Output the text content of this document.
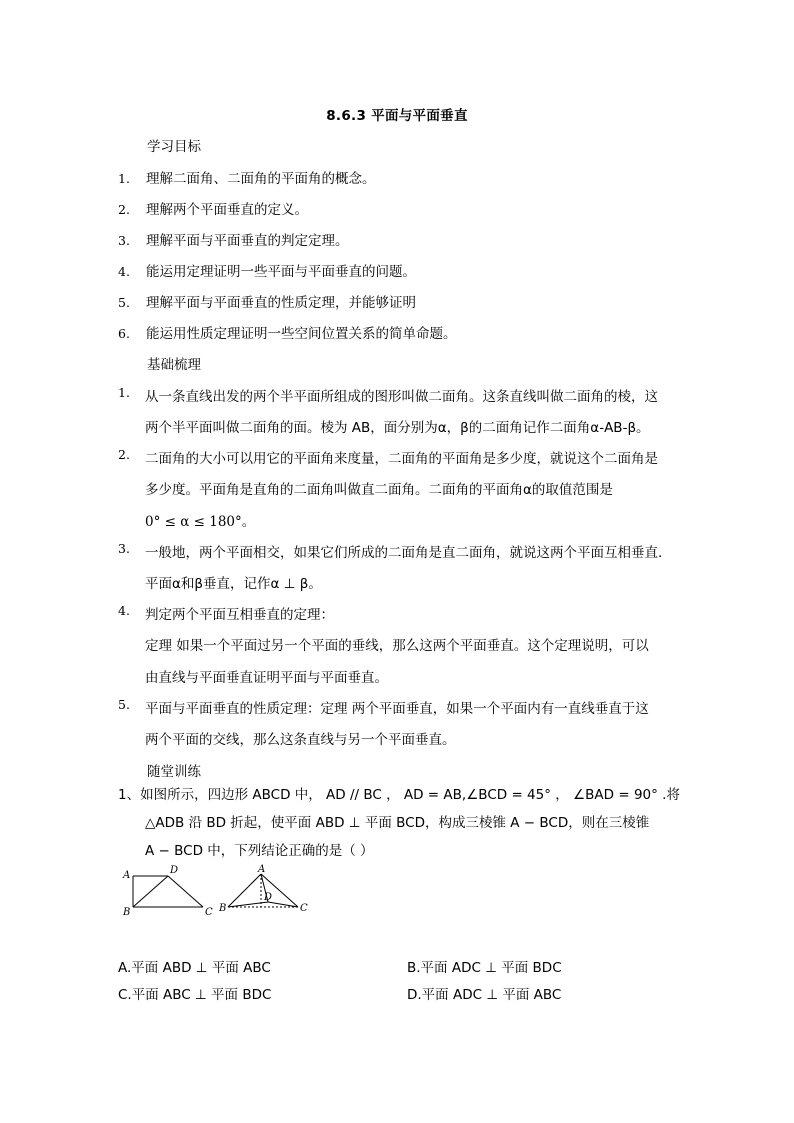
8.6.3 平面与平面垂直
学习目标
1. 理解二面角、二面角的平面角的概念。
2. 理解两个平面垂直的定义。
3. 理解平面与平面垂直的判定定理。
4. 能运用定理证明一些平面与平面垂直的问题。
5. 理解平面与平面垂直的性质定理，并能够证明
6. 能运用性质定理证明一些空间位置关系的简单命题。
基础梳理
1. 从一条直线出发的两个半平面所组成的图形叫做二面角。这条直线叫做二面角的棱，这
两个半平面叫做二面角的面。棱为 AB，面分别为α，β的二面角记作二面角α-AB-β。
2. 二面角的大小可以用它的平面角来度量，二面角的平面角是多少度，就说这个二面角是
多少度。平面角是直角的二面角叫做直二面角。二面角的平面角α的取值范围是
0° ≤ α ≤ 180°。
3. 一般地，两个平面相交，如果它们所成的二面角是直二面角，就说这两个平面互相垂直.
平面α和β垂直，记作α ⊥ β。
4. 判定两个平面互相垂直的定理：
定理 如果一个平面过另一个平面的垂线，那么这两个平面垂直。这个定理说明，可以
由直线与平面垂直证明平面与平面垂直。
5. 平面与平面垂直的性质定理：定理 两个平面垂直，如果一个平面内有一直线垂直于这
两个平面的交线，那么这条直线与另一个平面垂直。
随堂训练
1、如图所示，四边形 ABCD 中， AD // BC ， AD = AB,∠BCD = 45° ， ∠BAD = 90° .将
△ADB 沿 BD 折起，使平面 ABD ⊥ 平面 BCD，构成三棱锥 A − BCD，则在三棱锥
A − BCD 中，下列结论正确的是（ ）
A	D
B	C
A
B
D
C
A.平面 ABD ⊥ 平面 ABC	B.平面 ADC ⊥ 平面 BDC
C.平面 ABC ⊥ 平面 BDC	D.平面 ADC ⊥ 平面 ABC
